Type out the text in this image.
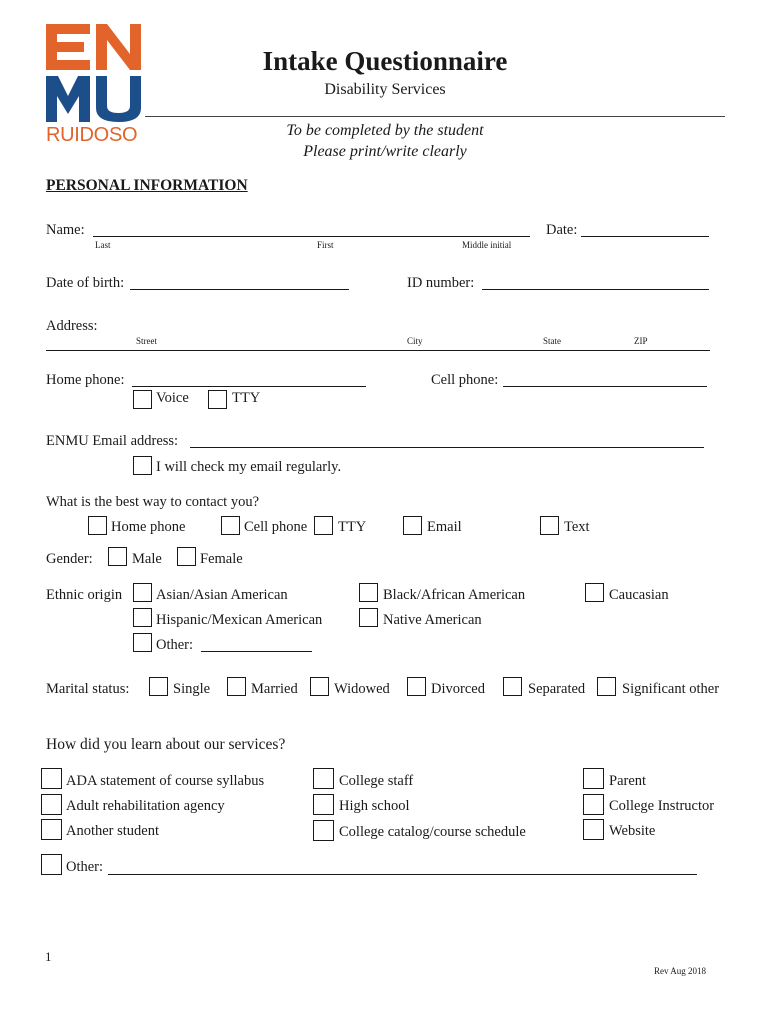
RUIDOSO
Intake Questionnaire
Disability Services
To be completed by the student
Please print/write clearly
PERSONAL INFORMATION
Name:
Last	First	Middle initial
Date:
Date of birth:	ID number:
Address:
Street	City	State	ZIP
Home phone:	Cell phone:
Voice	TTY
ENMU Email address:
I will check my email regularly.
What is the best way to contact you?
Home phone	Cell phone TTY	Email	Text
Gender:	Male	Female
Ethnic origin Asian/Asian American	Black/African American	Caucasian
Hispanic/Mexican American	Native American
Other:
Marital status:	Single	Married	Widowed	Divorced	Separated	Significant other
How did you learn about our services?
ADA statement of course syllabus	College staff	Parent
Adult rehabilitation agency	High school	College Instructor
Another student	College catalog/course schedule	Website
Other:
1
Rev Aug 2018
